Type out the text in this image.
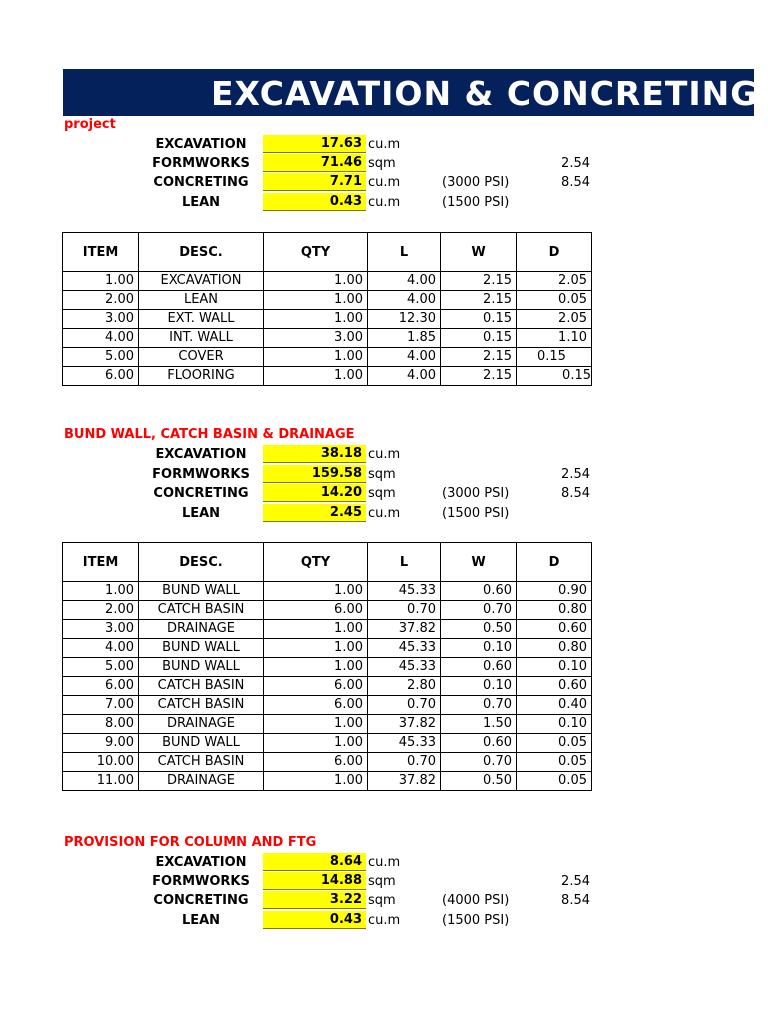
EXCAVATION & CONCRETING
project
EXCAVATION	17.63 cu.m
FORMWORKS	71.46 sqm	2.54
CONCRETING	7.71 cu.m	(3000 PSI)	8.54
LEAN	0.43 cu.m	(1500 PSI)
ITEM	DESC.	QTY	L	W	D
1.00	EXCAVATION	1.00	4.00	2.15	2.05
2.00	LEAN	1.00	4.00	2.15	0.05
3.00	EXT. WALL	1.00	12.30	0.15	2.05
4.00	INT. WALL	3.00	1.85	0.15	1.10
5.00	COVER	1.00	4.00	2.15	0.15
6.00	FLOORING	1.00	4.00	2.15	0.15
BUND WALL, CATCH BASIN & DRAINAGE
EXCAVATION	38.18 cu.m
FORMWORKS	159.58 sqm	2.54
CONCRETING	14.20 sqm	(3000 PSI)	8.54
LEAN	2.45 cu.m	(1500 PSI)
ITEM	DESC.	QTY	L	W	D
1.00	BUND WALL	1.00	45.33	0.60	0.90
2.00	CATCH BASIN	6.00	0.70	0.70	0.80
3.00	DRAINAGE	1.00	37.82	0.50	0.60
4.00	BUND WALL	1.00	45.33	0.10	0.80
5.00	BUND WALL	1.00	45.33	0.60	0.10
6.00	CATCH BASIN	6.00	2.80	0.10	0.60
7.00	CATCH BASIN	6.00	0.70	0.70	0.40
8.00	DRAINAGE	1.00	37.82	1.50	0.10
9.00	BUND WALL	1.00	45.33	0.60	0.05
10.00	CATCH BASIN	6.00	0.70	0.70	0.05
11.00	DRAINAGE	1.00	37.82	0.50	0.05
PROVISION FOR COLUMN AND FTG
EXCAVATION	8.64 cu.m
FORMWORKS	14.88 sqm	2.54
CONCRETING	3.22 sqm	(4000 PSI)	8.54
LEAN	0.43 cu.m	(1500 PSI)
